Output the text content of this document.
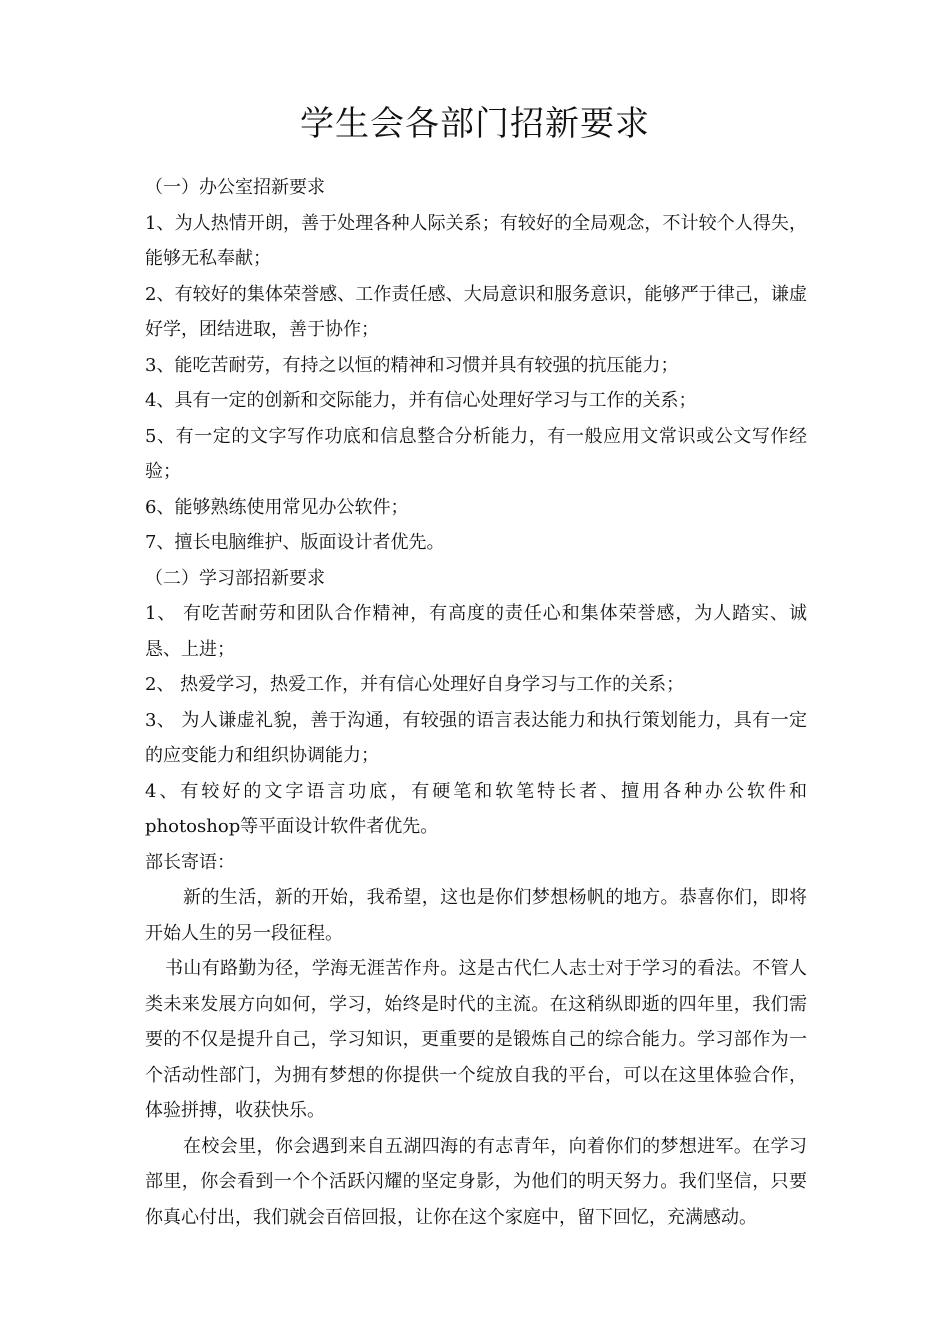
学生会各部门招新要求

（一）办公室招新要求

1、为人热情开朗，善于处理各种人际关系；有较好的全局观念，不计较个人得失，能够无私奉献；

2、有较好的集体荣誉感、工作责任感、大局意识和服务意识，能够严于律己，谦虚好学，团结进取，善于协作；

3、能吃苦耐劳，有持之以恒的精神和习惯并具有较强的抗压能力；

4、具有一定的创新和交际能力，并有信心处理好学习与工作的关系；

5、有一定的文字写作功底和信息整合分析能力，有一般应用文常识或公文写作经验；

6、能够熟练使用常见办公软件；

7、擅长电脑维护、版面设计者优先。

（二）学习部招新要求

1、 有吃苦耐劳和团队合作精神，有高度的责任心和集体荣誉感，为人踏实、诚恳、上进；

2、 热爱学习，热爱工作，并有信心处理好自身学习与工作的关系；

3、 为人谦虚礼貌，善于沟通，有较强的语言表达能力和执行策划能力，具有一定的应变能力和组织协调能力；

4、有较好的文字语言功底，有硬笔和软笔特长者、擅用各种办公软件和photoshop等平面设计软件者优先。

部长寄语：

新的生活，新的开始，我希望，这也是你们梦想杨帆的地方。恭喜你们，即将开始人生的另一段征程。

书山有路勤为径，学海无涯苦作舟。这是古代仁人志士对于学习的看法。不管人类未来发展方向如何，学习，始终是时代的主流。在这稍纵即逝的四年里，我们需要的不仅是提升自己，学习知识，更重要的是锻炼自己的综合能力。学习部作为一个活动性部门，为拥有梦想的你提供一个绽放自我的平台，可以在这里体验合作，体验拼搏，收获快乐。

在校会里，你会遇到来自五湖四海的有志青年，向着你们的梦想进军。在学习部里，你会看到一个个活跃闪耀的坚定身影，为他们的明天努力。我们坚信，只要你真心付出，我们就会百倍回报，让你在这个家庭中，留下回忆，充满感动。
